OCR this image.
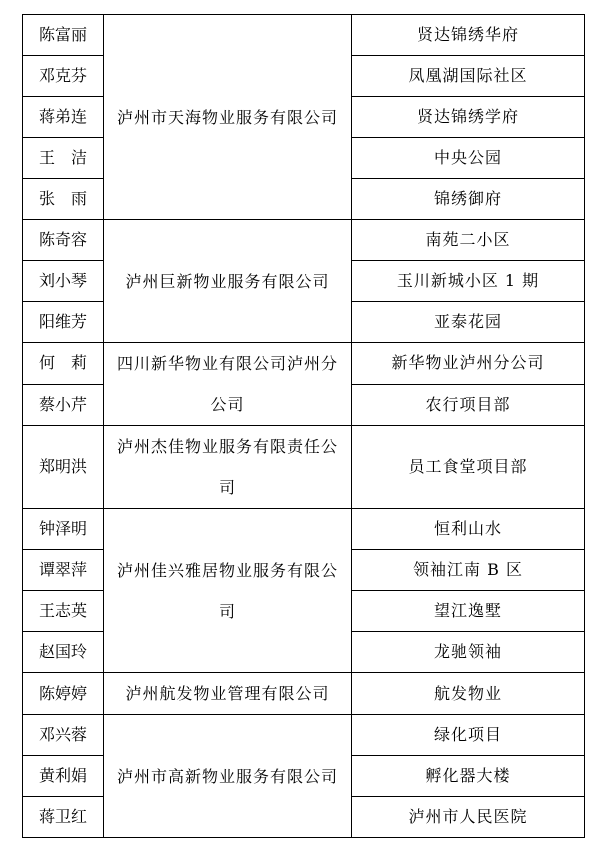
陈富丽	泸州市天海物业服务有限公司	贤达锦绣华府
邓克芬		凤凰湖国际社区
蒋弟连		贤达锦绣学府
王　洁		中央公园
张　雨		锦绣御府
陈奇容	泸州巨新物业服务有限公司	南苑二小区
刘小琴		玉川新城小区 1 期
阳维芳		亚泰花园
何　莉	四川新华物业有限公司泸州分公司	新华物业泸州分公司
蔡小芹		农行项目部
郑明洪	泸州杰佳物业服务有限责任公司	员工食堂项目部
钟泽明	泸州佳兴雅居物业服务有限公司	恒利山水
谭翠萍		领袖江南 B 区
王志英		望江逸墅
赵国玲		龙驰领袖
陈婷婷	泸州航发物业管理有限公司	航发物业
邓兴蓉	泸州市高新物业服务有限公司	绿化项目
黄利娟		孵化器大楼
蒋卫红		泸州市人民医院
